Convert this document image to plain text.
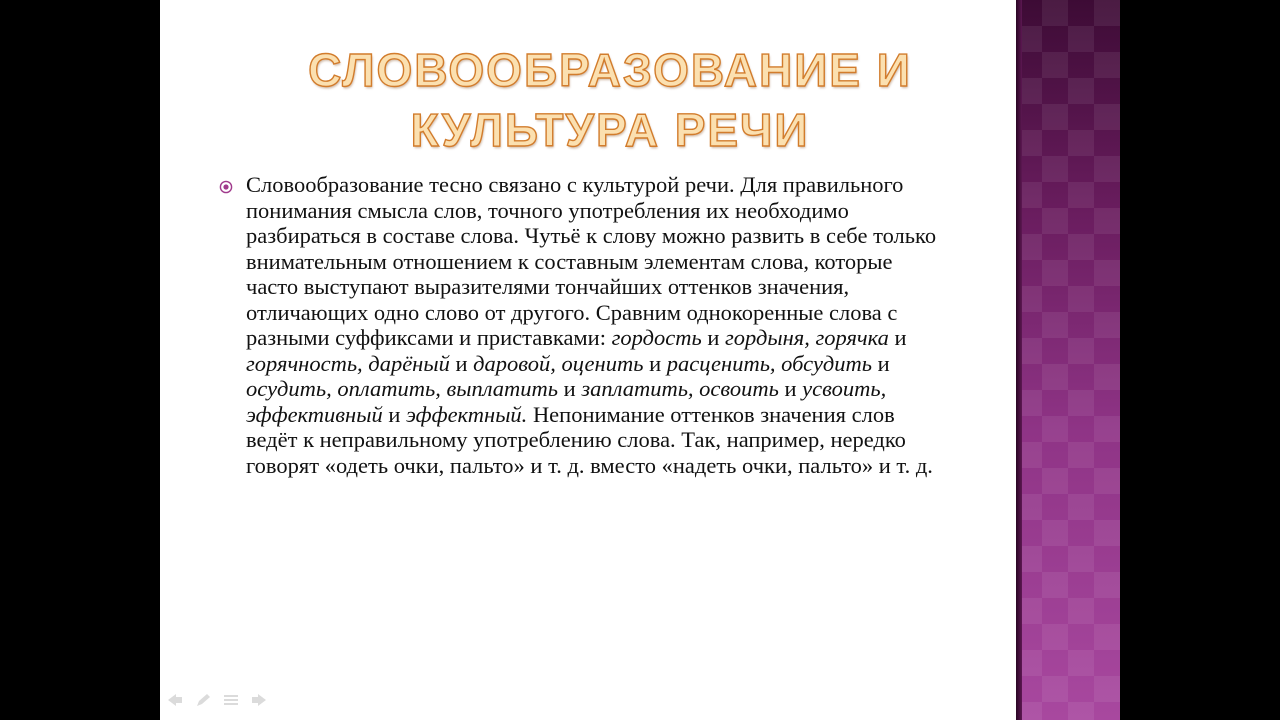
СЛОВООБРАЗОВАНИЕ И
КУЛЬТУРА РЕЧИ
Словообразование тесно связано с культурой речи. Для правильного понимания смысла слов, точного употребления их необходимо разбираться в составе слова. Чутьё к слову можно развить в себе только внимательным отношением к составным элементам слова, которые часто выступают выразителями тончайших оттенков значения, отличающих одно слово от другого. Сравним однокоренные слова с разными суффиксами и приставками: гордость и гордыня, горячка и горячность, дарёный и даровой, оценить и расценить, обсудить и осудить, оплатить, выплатить и заплатить, освоить и усвоить, эффективный и эффектный. Непонимание оттенков значения слов ведёт к неправильному употреблению слова. Так, например, нередко говорят «одеть очки, пальто» и т. д. вместо «надеть очки, пальто» и т. д.
